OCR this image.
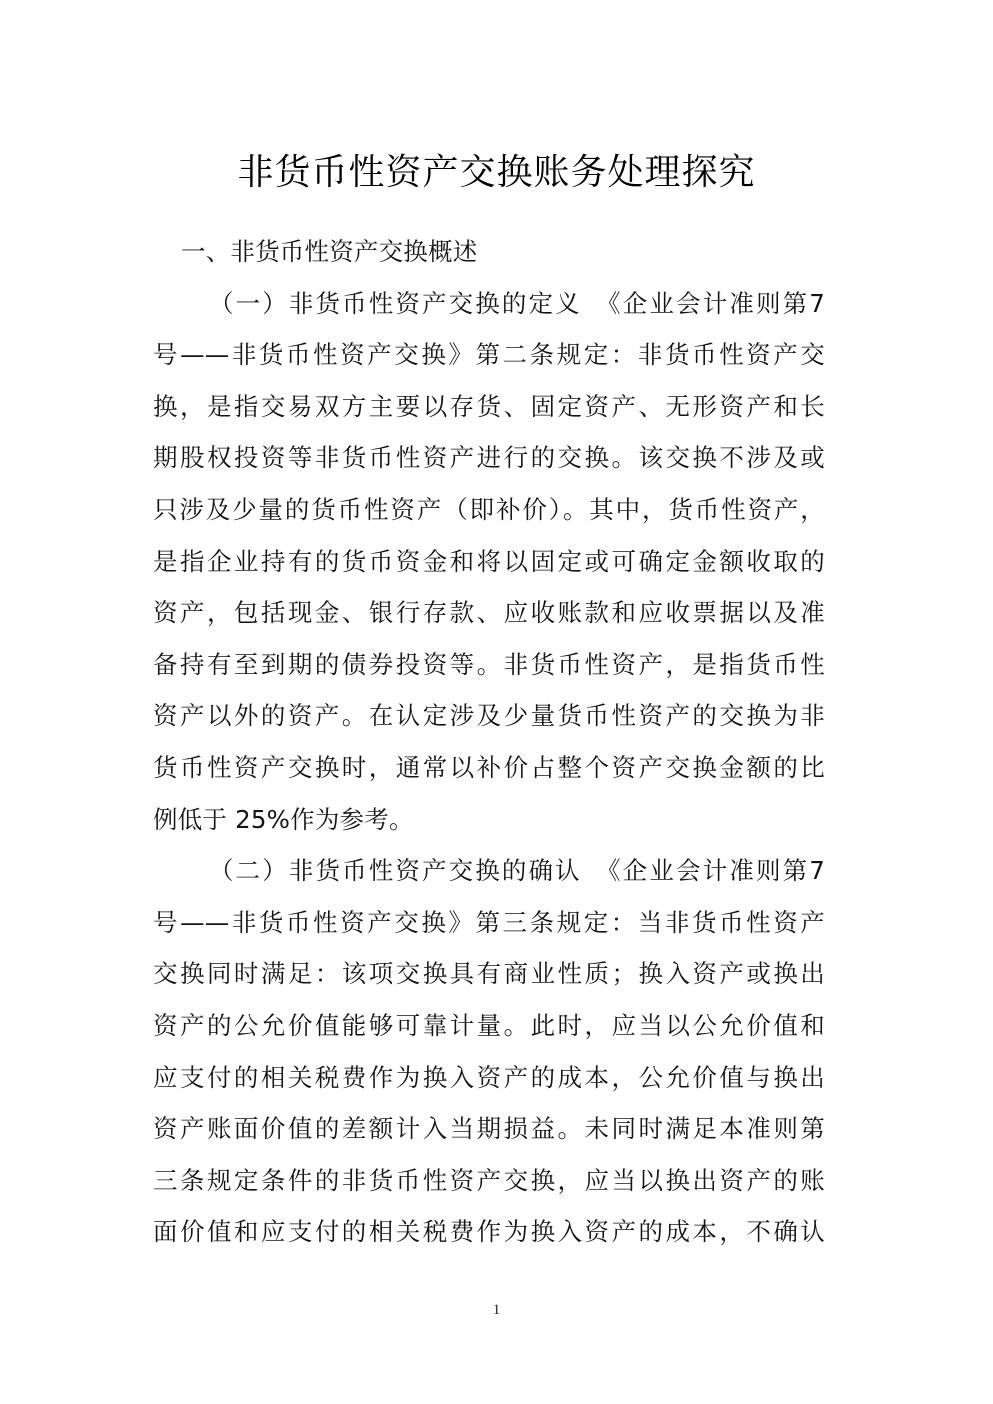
非货币性资产交换账务处理探究
一、非货币性资产交换概述
（一）非货币性资产交换的定义　《企业会计准则第7
号——非货币性资产交换》第二条规定：非货币性资产交
换，是指交易双方主要以存货、固定资产、无形资产和长
期股权投资等非货币性资产进行的交换。该交换不涉及或
只涉及少量的货币性资产（即补价）。其中，货币性资产，
是指企业持有的货币资金和将以固定或可确定金额收取的
资产，包括现金、银行存款、应收账款和应收票据以及准
备持有至到期的债券投资等。非货币性资产，是指货币性
资产以外的资产。在认定涉及少量货币性资产的交换为非
货币性资产交换时，通常以补价占整个资产交换金额的比
例低于 25%作为参考。
（二）非货币性资产交换的确认　《企业会计准则第7
号——非货币性资产交换》第三条规定：当非货币性资产
交换同时满足：该项交换具有商业性质；换入资产或换出
资产的公允价值能够可靠计量。此时，应当以公允价值和
应支付的相关税费作为换入资产的成本，公允价值与换出
资产账面价值的差额计入当期损益。未同时满足本准则第
三条规定条件的非货币性资产交换，应当以换出资产的账
面价值和应支付的相关税费作为换入资产的成本，不确认
1
